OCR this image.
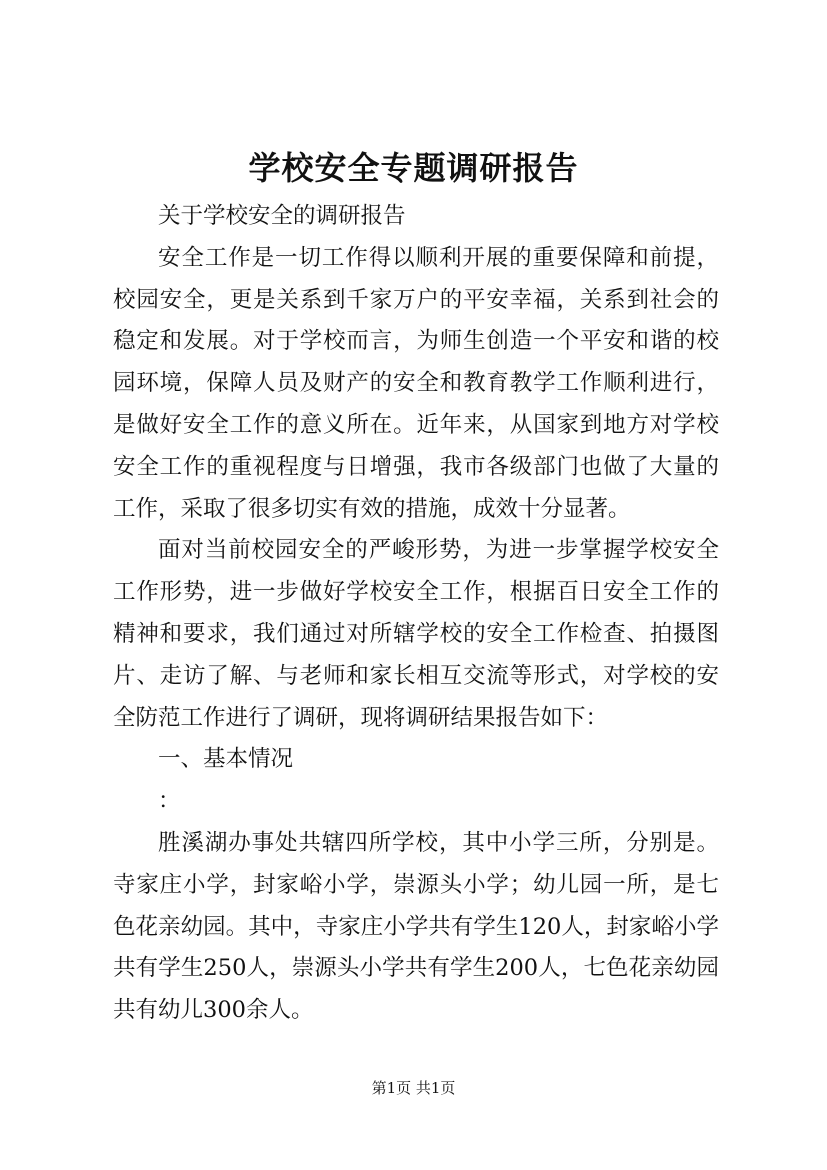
学校安全专题调研报告

关于学校安全的调研报告

安全工作是一切工作得以顺利开展的重要保障和前提，校园安全，更是关系到千家万户的平安幸福，关系到社会的稳定和发展。对于学校而言，为师生创造一个平安和谐的校园环境，保障人员及财产的安全和教育教学工作顺利进行，是做好安全工作的意义所在。近年来，从国家到地方对学校安全工作的重视程度与日增强，我市各级部门也做了大量的工作，采取了很多切实有效的措施，成效十分显著。

面对当前校园安全的严峻形势，为进一步掌握学校安全工作形势，进一步做好学校安全工作，根据百日安全工作的精神和要求，我们通过对所辖学校的安全工作检查、拍摄图片、走访了解、与老师和家长相互交流等形式，对学校的安全防范工作进行了调研，现将调研结果报告如下：

一、基本情况

：

胜溪湖办事处共辖四所学校，其中小学三所，分别是。寺家庄小学，封家峪小学，崇源头小学；幼儿园一所，是七色花亲幼园。其中，寺家庄小学共有学生120人，封家峪小学共有学生250人，崇源头小学共有学生200人，七色花亲幼园共有幼儿300余人。

第1页 共1页
